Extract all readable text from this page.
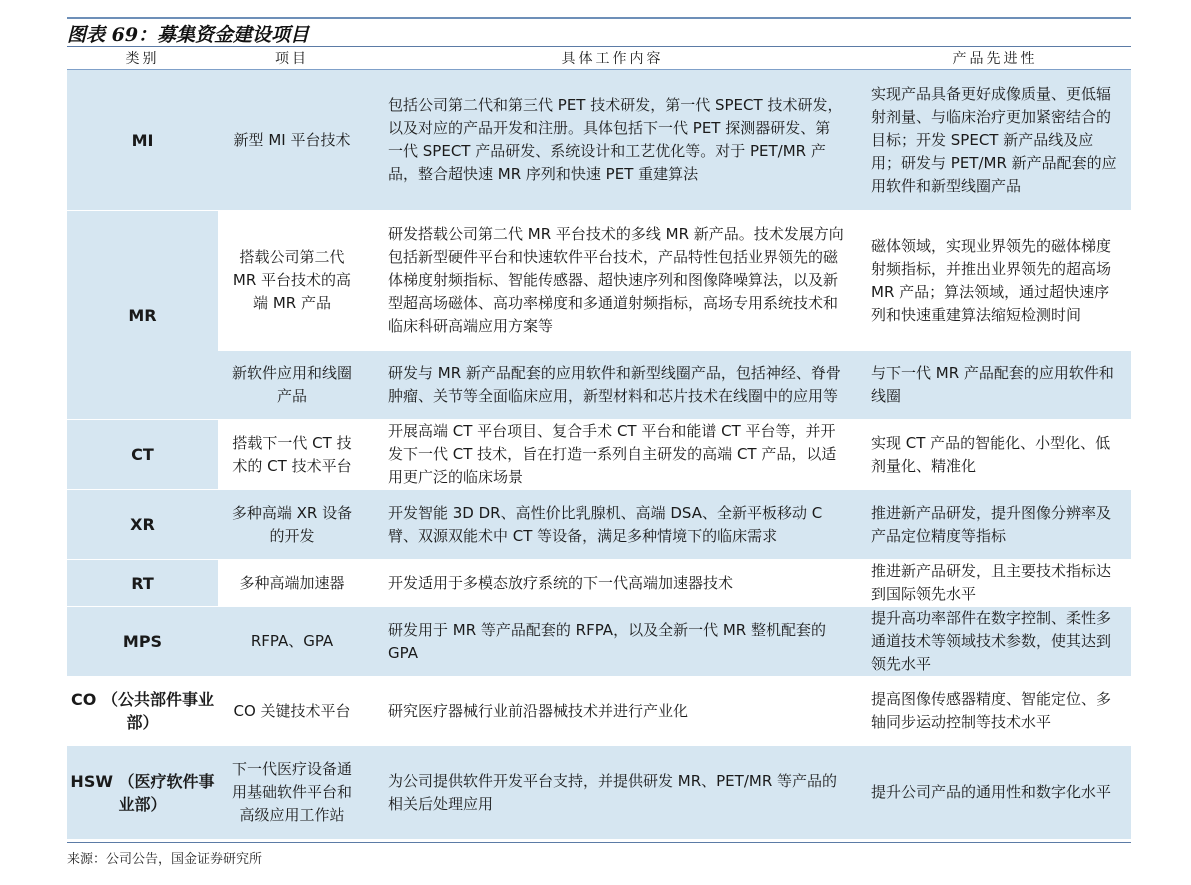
图表 69：募集资金建设项目
类别	项目	具体工作内容	产品先进性
MI	新型 MI 平台技术	包括公司第二代和第三代 PET 技术研发，第一代 SPECT 技术研发，以及对应的产品开发和注册。具体包括下一代 PET 探测器研发、第一代 SPECT 产品研发、系统设计和工艺优化等。对于 PET/MR 产品，整合超快速 MR 序列和快速 PET 重建算法	实现产品具备更好成像质量、更低辐射剂量、与临床治疗更加紧密结合的目标；开发 SPECT 新产品线及应用；研发与 PET/MR 新产品配套的应用软件和新型线圈产品
MR	搭载公司第二代 MR 平台技术的高端 MR 产品	研发搭载公司第二代 MR 平台技术的多线 MR 新产品。技术发展方向包括新型硬件平台和快速软件平台技术，产品特性包括业界领先的磁体梯度射频指标、智能传感器、超快速序列和图像降噪算法，以及新型超高场磁体、高功率梯度和多通道射频指标，高场专用系统技术和临床科研高端应用方案等	磁体领域，实现业界领先的磁体梯度射频指标，并推出业界领先的超高场 MR 产品；算法领域，通过超快速序列和快速重建算法缩短检测时间
	新软件应用和线圈产品	研发与 MR 新产品配套的应用软件和新型线圈产品，包括神经、脊骨肿瘤、关节等全面临床应用，新型材料和芯片技术在线圈中的应用等	与下一代 MR 产品配套的应用软件和线圈
CT	搭载下一代 CT 技术的 CT 技术平台	开展高端 CT 平台项目、复合手术 CT 平台和能谱 CT 平台等，并开发下一代 CT 技术，旨在打造一系列自主研发的高端 CT 产品，以适用更广泛的临床场景	实现 CT 产品的智能化、小型化、低剂量化、精准化
XR	多种高端 XR 设备的开发	开发智能 3D DR、高性价比乳腺机、高端 DSA、全新平板移动 C 臂、双源双能术中 CT 等设备，满足多种情境下的临床需求	推进新产品研发，提升图像分辨率及产品定位精度等指标
RT	多种高端加速器	开发适用于多模态放疗系统的下一代高端加速器技术	推进新产品研发，且主要技术指标达到国际领先水平
MPS	RFPA、GPA	研发用于 MR 等产品配套的 RFPA，以及全新一代 MR 整机配套的 GPA	提升高功率部件在数字控制、柔性多通道技术等领域技术参数，使其达到领先水平
CO （公共部件事业部）	CO 关键技术平台	研究医疗器械行业前沿器械技术并进行产业化	提高图像传感器精度、智能定位、多轴同步运动控制等技术水平
HSW （医疗软件事业部）	下一代医疗设备通用基础软件平台和高级应用工作站	为公司提供软件开发平台支持，并提供研发 MR、PET/MR 等产品的相关后处理应用	提升公司产品的通用性和数字化水平
来源：公司公告，国金证券研究所
